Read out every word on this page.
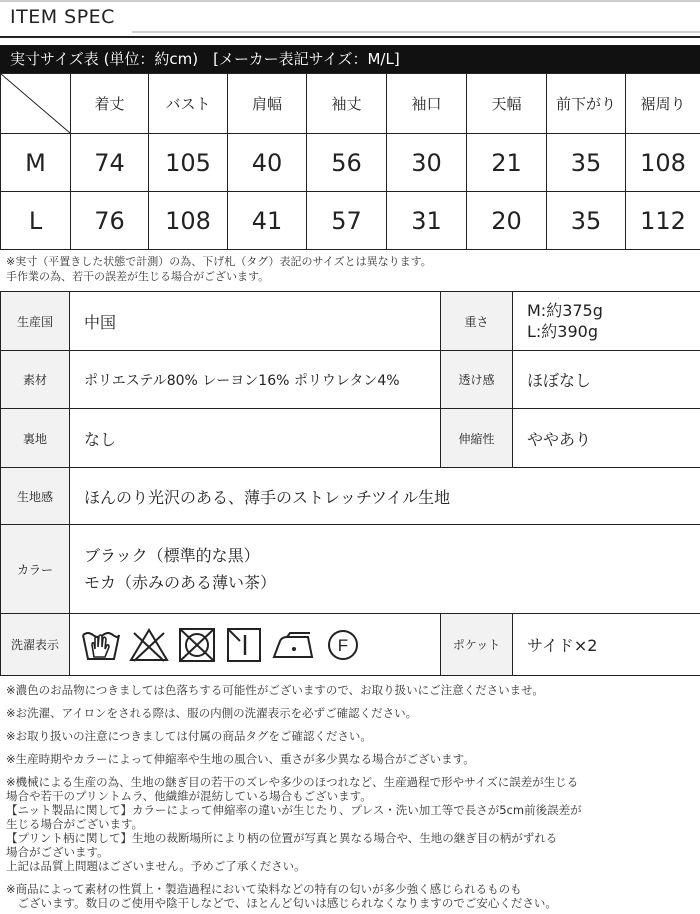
ITEM SPEC
実寸サイズ表 (単位：約cm)　[メーカー表記サイズ：M/L]
	着丈	バスト	肩幅	袖丈	袖口	天幅	前下がり	裾周り
M	74	105	40	56	30	21	35	108
L	76	108	41	57	31	20	35	112
※実寸（平置きした状態で計測）の為、下げ札（タグ）表記のサイズとは異なります。
手作業の為、若干の誤差が生じる場合がございます。
生産国	中国	重さ	M:約375g
L:約390g

素材	ポリエステル80% レーヨン16% ポリウレタン4%	透け感	ほぼなし
裏地	なし	伸縮性	ややあり
生地感	ほんのり光沢のある、薄手のストレッチツイル生地		
カラー	ブラック（標準的な黒）
モカ（赤みのある薄い茶）		

洗濯表示	F	ポケット	サイド×2

※濃色のお品物につきましては色落ちする可能性がございますので、お取り扱いにご注意くださいませ。

※お洗濯、アイロンをされる際は、服の内側の洗濯表示を必ずご確認ください。

※お取り扱いの注意につきましては付属の商品タグをご確認ください。

※生産時期やカラーによって伸縮率や生地の風合い、重さが多少異なる場合がございます。

※機械による生産の為、生地の継ぎ目の若干のズレや多少のほつれなど、生産過程で形やサイズに誤差が生じる

場合や若干のプリントムラ、他繊維が混紡している場合もございます。

【ニット製品に関して】カラーによって伸縮率の違いが生じたり、プレス・洗い加工等で長さが5cm前後誤差が

生じる場合がございます。

【プリント柄に関して】生地の裁断場所により柄の位置が写真と異なる場合や、生地の継ぎ目の柄がずれる

場合がございます。

上記は品質上問題はございません。予めご了承ください。

※商品によって素材の性質上・製造過程において染料などの特有の匂いが多少強く感じられるものも

　ございます。数日のご使用や陰干しなどで、ほとんど匂いは感じられなくなりますのでご安心ください。
